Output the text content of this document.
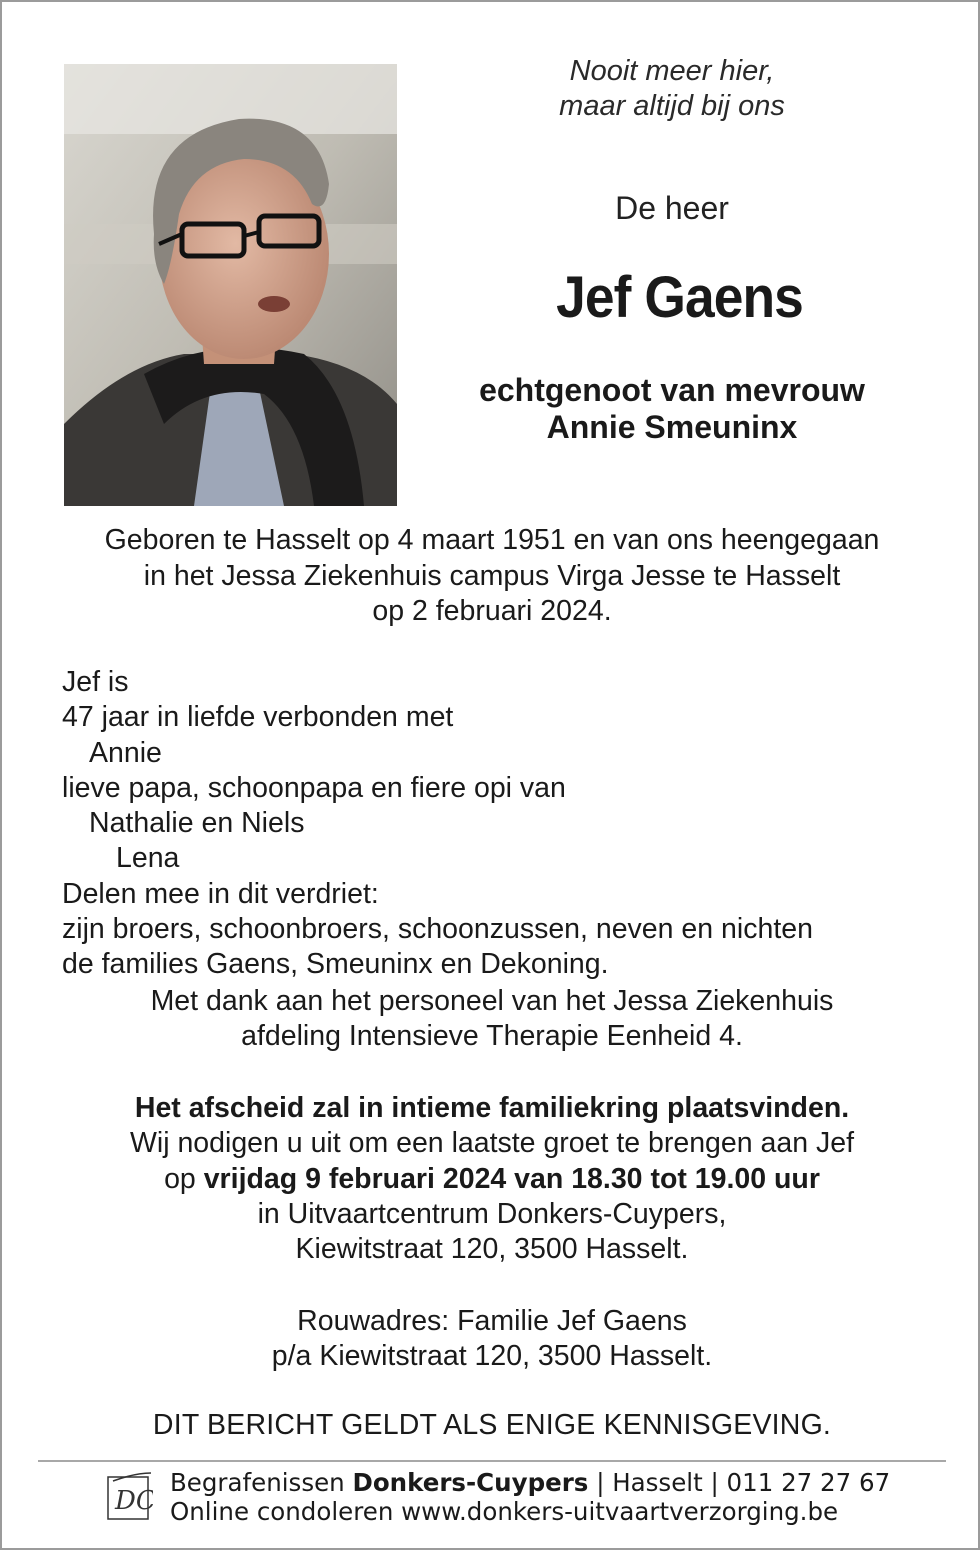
Nooit meer hier,
maar altijd bij ons
De heer
Jef Gaens
echtgenoot van mevrouw
Annie Smeuninx
Geboren te Hasselt op 4 maart 1951 en van ons heengegaan
in het Jessa Ziekenhuis campus Virga Jesse te Hasselt
op 2 februari 2024.
Jef is
47 jaar in liefde verbonden met
Annie
lieve papa, schoonpapa en fiere opi van
Nathalie en Niels
Lena
Delen mee in dit verdriet:
zijn broers, schoonbroers, schoonzussen, neven en nichten
de families Gaens, Smeuninx en Dekoning.
Met dank aan het personeel van het Jessa Ziekenhuis
afdeling Intensieve Therapie Eenheid 4.
Het afscheid zal in intieme familiekring plaatsvinden.
Wij nodigen u uit om een laatste groet te brengen aan Jef
op vrijdag 9 februari 2024 van 18.30 tot 19.00 uur
in Uitvaartcentrum Donkers-Cuypers,
Kiewitstraat 120, 3500 Hasselt.
Rouwadres: Familie Jef Gaens
p/a Kiewitstraat 120, 3500 Hasselt.
DIT BERICHT GELDT ALS ENIGE KENNISGEVING.
DC
Begrafenissen Donkers-Cuypers | Hasselt | 011 27 27 67
Online condoleren www.donkers-uitvaartverzorging.be
